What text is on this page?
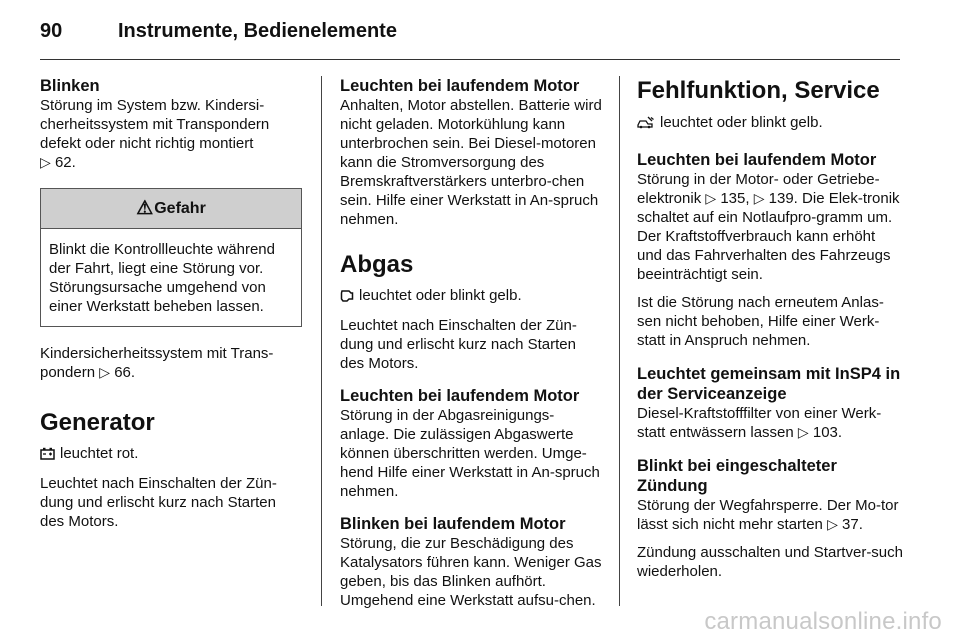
90	Instrumente, Bedienelemente
Blinken

Störung im System bzw. Kindersi-cherheitssystem mit Transpondern defekt oder nicht richtig montiert
▷ 62.

⚠ Gefahr
Blinkt die Kontrollleuchte während der Fahrt, liegt eine Störung vor. Störungsursache umgehend von einer Werkstatt beheben lassen.

Kindersicherheitssystem mit Trans-pondern ▷ 66.

Generator

leuchtet rot.

Leuchtet nach Einschalten der Zün-dung und erlischt kurz nach Starten des Motors.

Leuchten bei laufendem Motor

Anhalten, Motor abstellen. Batterie wird nicht geladen. Motorkühlung kann unterbrochen sein. Bei Diesel-motoren kann die Stromversorgung des Bremskraftverstärkers unterbro-chen sein. Hilfe einer Werkstatt in An-spruch nehmen.

Abgas

leuchtet oder blinkt gelb.

Leuchtet nach Einschalten der Zün-dung und erlischt kurz nach Starten des Motors.

Leuchten bei laufendem Motor

Störung in der Abgasreinigungs-anlage. Die zulässigen Abgaswerte können überschritten werden. Umge-hend Hilfe einer Werkstatt in An-spruch nehmen.

Blinken bei laufendem Motor

Störung, die zur Beschädigung des Katalysators führen kann. Weniger Gas geben, bis das Blinken aufhört. Umgehend eine Werkstatt aufsu-chen.

Fehlfunktion, Service

leuchtet oder blinkt gelb.

Leuchten bei laufendem Motor

Störung in der Motor- oder Getriebe-elektronik ▷ 135, ▷ 139. Die Elek-tronik schaltet auf ein Notlaufpro-gramm um. Der Kraftstoffverbrauch kann erhöht und das Fahrverhalten des Fahrzeugs beeinträchtigt sein.

Ist die Störung nach erneutem Anlas-sen nicht behoben, Hilfe einer Werk-statt in Anspruch nehmen.

Leuchtet gemeinsam mit InSP4 in der Serviceanzeige

Diesel-Kraftstofffilter von einer Werk-statt entwässern lassen ▷ 103.

Blinkt bei eingeschalteter Zündung

Störung der Wegfahrsperre. Der Mo-tor lässt sich nicht mehr starten ▷ 37.

Zündung ausschalten und Startver-such wiederholen.

carmanualsonline.info
